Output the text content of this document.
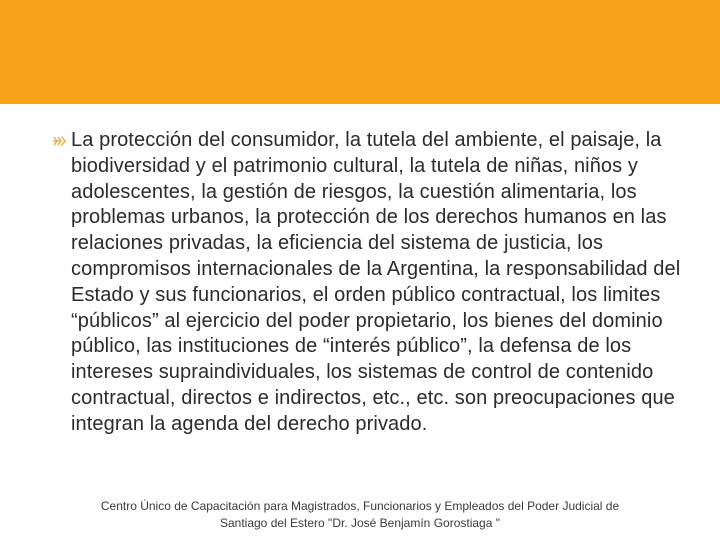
La protección del consumidor, la tutela del ambiente, el paisaje, la biodiversidad y el patrimonio cultural, la tutela de niñas, niños y adolescentes, la gestión de riesgos, la cuestión alimentaria, los problemas urbanos, la protección de los derechos humanos en las relaciones privadas, la eficiencia del sistema de justicia, los compromisos internacionales de la Argentina, la responsabilidad del Estado y sus funcionarios, el orden público contractual, los limites “públicos” al ejercicio del poder propietario, los bienes del dominio público, las instituciones de “interés público”, la defensa de los intereses supraindividuales, los sistemas de control de contenido contractual, directos e indirectos, etc., etc. son preocupaciones que integran la agenda del derecho privado.

Centro Único de Capacitación para Magistrados, Funcionarios y Empleados del Poder Judicial de
Santiago del Estero "Dr. José Benjamín Gorostiaga "
